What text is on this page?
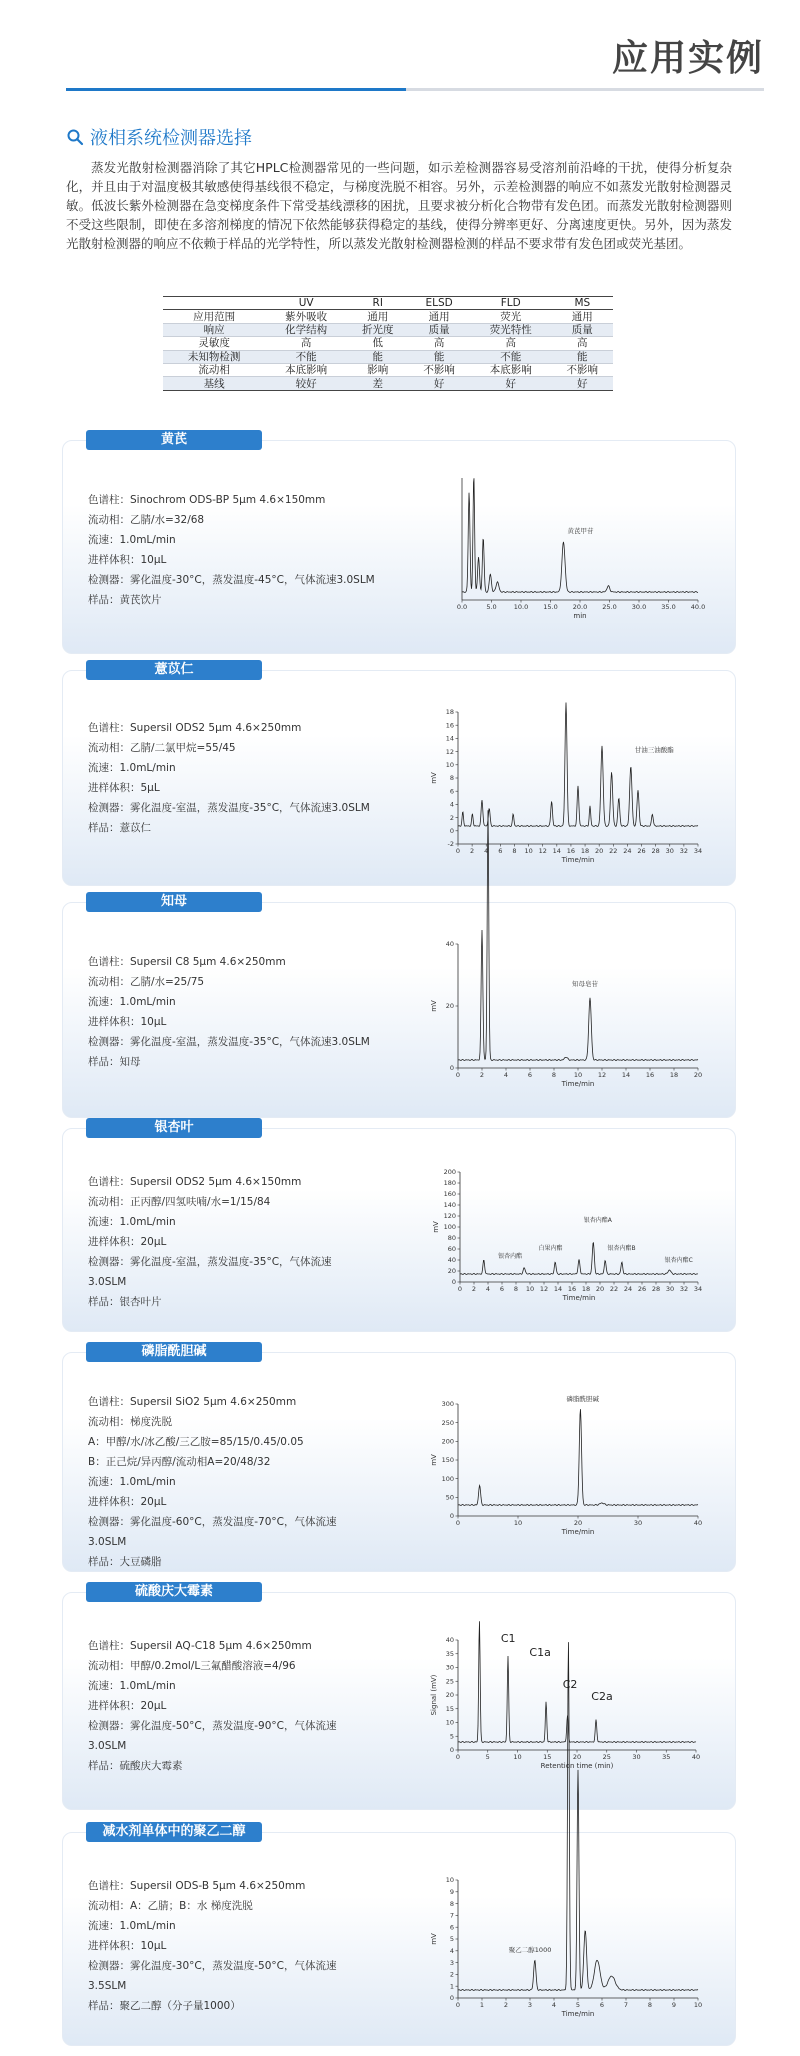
应用实例
液相系统检测器选择
蒸发光散射检测器消除了其它HPLC检测器常见的一些问题，如示差检测器容易受溶剂前沿峰的干扰，使得分析复杂化，并且由于对温度极其敏感使得基线很不稳定，与梯度洗脱不相容。另外，示差检测器的响应不如蒸发光散射检测器灵敏。低波长紫外检测器在急变梯度条件下常受基线漂移的困扰，且要求被分析化合物带有发色团。而蒸发光散射检测器则不受这些限制，即使在多溶剂梯度的情况下依然能够获得稳定的基线，使得分辨率更好、分离速度更快。另外，因为蒸发光散射检测器的响应不依赖于样品的光学特性，所以蒸发光散射检测器检测的样品不要求带有发色团或荧光基团。
	UV	RI	ELSD	FLD	MS
应用范围	紫外吸收	通用	通用	荧光	通用
响应	化学结构	折光度	质量	荧光特性	质量
灵敏度	高	低	高	高	高
未知物检测	不能	能	能	不能	能
流动相	本底影响	影响	不影响	本底影响	不影响
基线	较好	差	好	好	好
黄芪
色谱柱：Sinochrom ODS-BP 5μm 4.6×150mm
流动相：乙腈/水=32/68
流速：1.0mL/min
进样体积：10μL
检测器：雾化温度-30°C，蒸发温度-45°C，气体流速3.0SLM
样品：黄芪饮片
薏苡仁
色谱柱：Supersil ODS2 5μm 4.6×250mm
流动相：乙腈/二氯甲烷=55/45
流速：1.0mL/min
进样体积：5μL
检测器：雾化温度-室温，蒸发温度-35°C，气体流速3.0SLM
样品：薏苡仁
知母
色谱柱：Supersil C8 5μm 4.6×250mm
流动相：乙腈/水=25/75
流速：1.0mL/min
进样体积：10μL
检测器：雾化温度-室温，蒸发温度-35°C，气体流速3.0SLM
样品：知母
银杏叶
色谱柱：Supersil ODS2 5μm 4.6×150mm
流动相：正丙醇/四氢呋喃/水=1/15/84
流速：1.0mL/min
进样体积：20μL
检测器：雾化温度-室温，蒸发温度-35°C，气体流速
3.0SLM
样品：银杏叶片
磷脂酰胆碱
色谱柱：Supersil SiO2 5μm 4.6×250mm
流动相：梯度洗脱
A：甲醇/水/冰乙酸/三乙胺=85/15/0.45/0.05
B：正己烷/异丙醇/流动相A=20/48/32
流速：1.0mL/min
进样体积：20μL
检测器：雾化温度-60°C，蒸发温度-70°C，气体流速
3.0SLM
样品：大豆磷脂
硫酸庆大霉素
色谱柱：Supersil AQ-C18 5μm 4.6×250mm
流动相：甲醇/0.2mol/L三氟醋酸溶液=4/96
流速：1.0mL/min
进样体积：20μL
检测器：雾化温度-50°C，蒸发温度-90°C，气体流速
3.0SLM
样品：硫酸庆大霉素
减水剂单体中的聚乙二醇
色谱柱：Supersil ODS-B 5μm 4.6×250mm
流动相：A：乙腈；B：水 梯度洗脱
流速：1.0mL/min
进样体积：10μL
检测器：雾化温度-30°C，蒸发温度-50°C，气体流速
3.5SLM
样品：聚乙二醇（分子量1000）
0.0	5.0	10.0 15.0 20.0 25.0 30.0 35.0 40.0
min
黄芪甲苷
0 2 4 6 8 10 12 14 16 18 20 22 24 26 28 30 32 34
-2
0
2
4
6
8
10
12
14
16
18
Time/min
mV
甘油三油酸酯
0	2	4	6	8	10 12 14 16 18 20
0
20
40
Time/min
mV
知母皂苷
0 2 4 6 8 10 12 14 16 18 20 22 24 26 28 30 32 34
0
20
40
60
80
100
120
140
160
180
200
Time/min
mV
银杏内酯A
白果内酯
银杏内酯
银杏内酯B
银杏内酯C
0	10	20	30	40
0
50
100
150
200
250
300
Time/min
mV
磷脂酰胆碱
0	5	10	15	20	25	30	35	40
0
5
10
15
20
25
30
35
40
Retention time (min)
Signal (mV)
C1
C1a
C2
C2a
0	1	2	3	4	5	6	7	8	9	10
0
1
2
3
4
5
6
7
8
9
10
Time/min
mV
聚乙二醇1000
